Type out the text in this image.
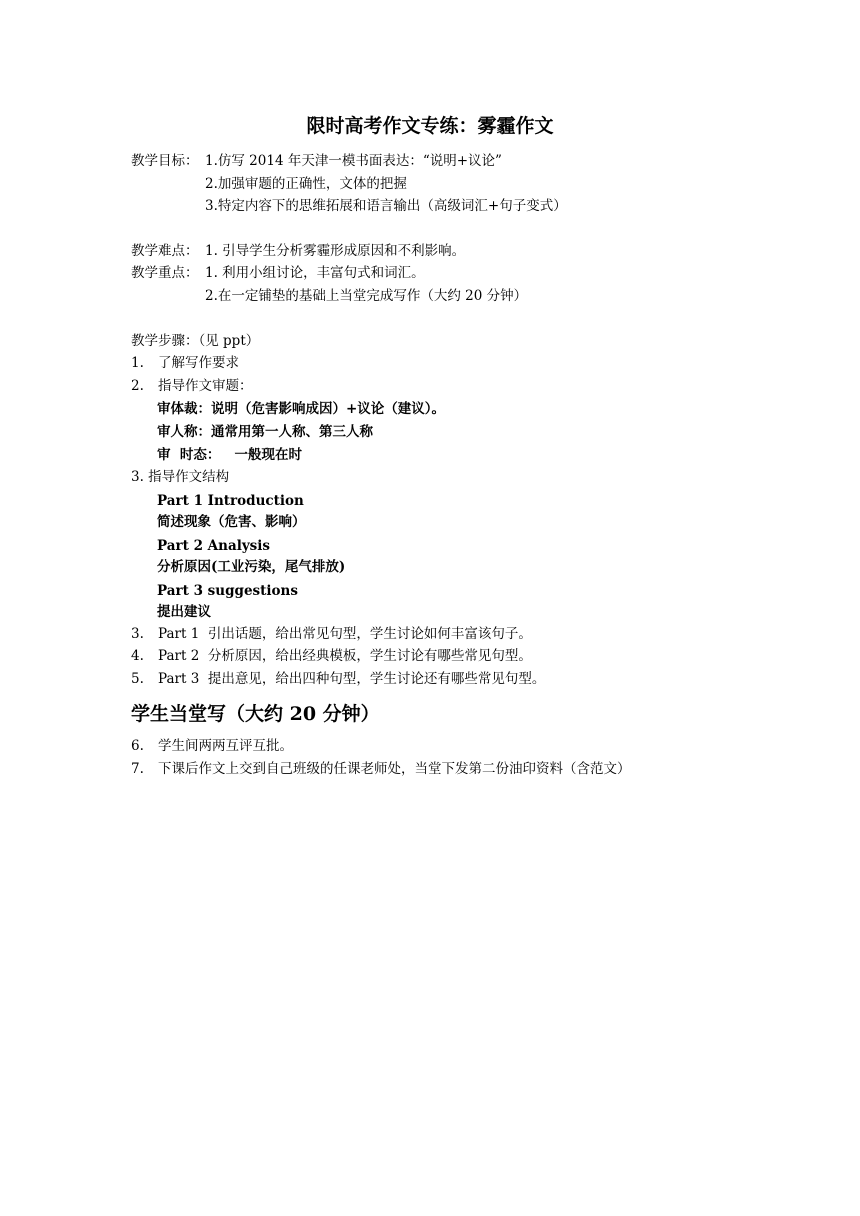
限时高考作文专练：雾霾作文
教学目标： 1.仿写 2014 年天津一模书面表达：“说明+议论”
2.加强审题的正确性，文体的把握
3.特定内容下的思维拓展和语言输出（高级词汇+句子变式）
教学难点： 1. 引导学生分析雾霾形成原因和不利影响。
教学重点： 1. 利用小组讨论，丰富句式和词汇。
2.在一定铺垫的基础上当堂完成写作（大约 20 分钟）
教学步骤：（见 ppt）
1. 了解写作要求
2. 指导作文审题：
审体裁：说明（危害影响成因）+议论（建议）。
审人称：通常用第一人称、第三人称
审  时态：   一般现在时
3. 指导作文结构
Part 1 Introduction
简述现象（危害、影响）
Part 2 Analysis
分析原因(工业污染，尾气排放)
Part 3 suggestions
提出建议
3. Part 1  引出话题，给出常见句型，学生讨论如何丰富该句子。
4. Part 2  分析原因，给出经典模板，学生讨论有哪些常见句型。
5. Part 3  提出意见，给出四种句型，学生讨论还有哪些常见句型。
学生当堂写（大约 20 分钟）
6. 学生间两两互评互批。
7. 下课后作文上交到自己班级的任课老师处，当堂下发第二份油印资料（含范文）
